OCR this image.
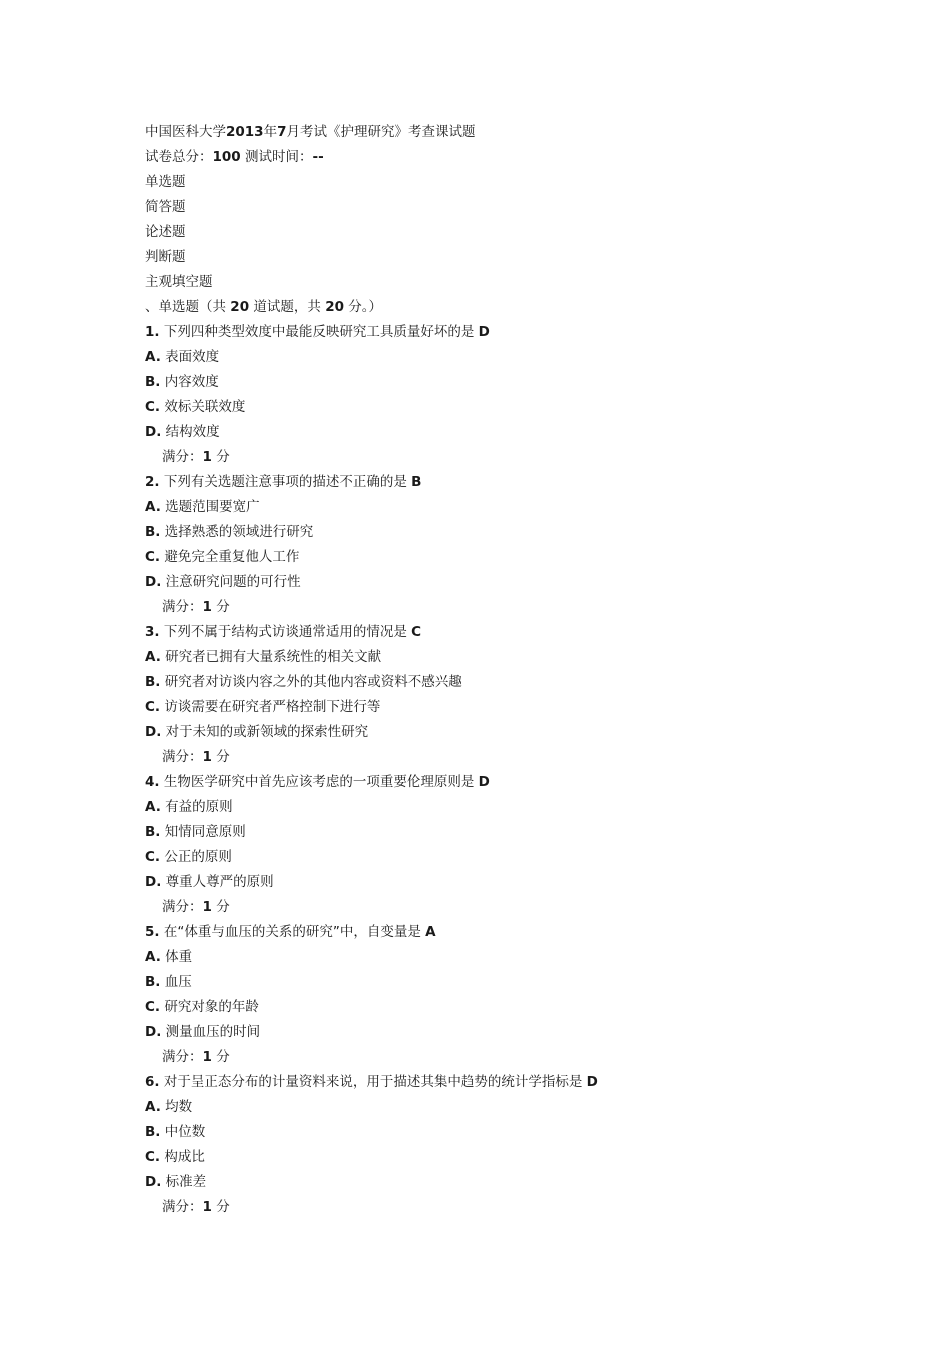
中国医科大学2013年7月考试《护理研究》考查课试题
试卷总分：100 测试时间：--
单选题
简答题
论述题
判断题
主观填空题
、单选题（共 20 道试题，共 20 分。）
1. 下列四种类型效度中最能反映研究工具质量好坏的是 D
A. 表面效度
B. 内容效度
C. 效标关联效度
D. 结构效度
满分：1 分
2. 下列有关选题注意事项的描述不正确的是 B
A. 选题范围要宽广
B. 选择熟悉的领域进行研究
C. 避免完全重复他人工作
D. 注意研究问题的可行性
满分：1 分
3. 下列不属于结构式访谈通常适用的情况是 C
A. 研究者已拥有大量系统性的相关文献
B. 研究者对访谈内容之外的其他内容或资料不感兴趣
C. 访谈需要在研究者严格控制下进行等
D. 对于未知的或新领域的探索性研究
满分：1 分
4. 生物医学研究中首先应该考虑的一项重要伦理原则是 D
A. 有益的原则
B. 知情同意原则
C. 公正的原则
D. 尊重人尊严的原则
满分：1 分
5. 在“体重与血压的关系的研究”中，自变量是 A
A. 体重
B. 血压
C. 研究对象的年龄
D. 测量血压的时间
满分：1 分
6. 对于呈正态分布的计量资料来说，用于描述其集中趋势的统计学指标是 D
A. 均数
B. 中位数
C. 构成比
D. 标准差
满分：1 分
